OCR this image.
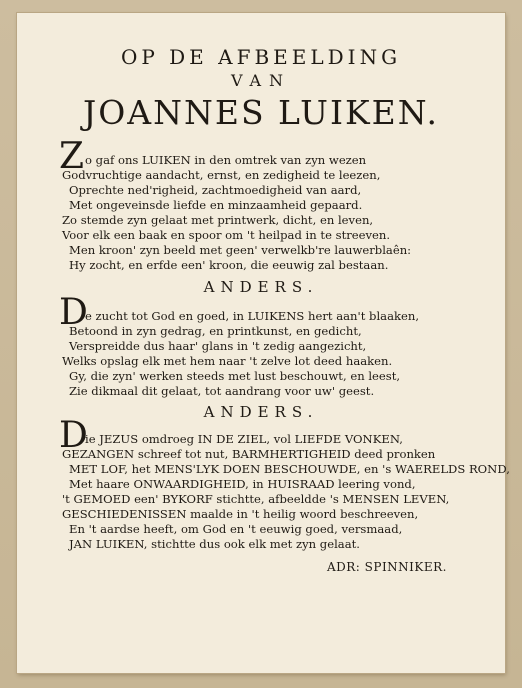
OP DE AFBEELDING
VAN
JOANNES LUIKEN.
Z o gaf ons LUIKEN in den omtrek van zyn wezen
Godvruchtige aandacht, ernst, en zedigheid te leezen,
Oprechte ned'righeid, zachtmoedigheid van aard,
Met ongeveinsde liefde en minzaamheid gepaard.
Zo stemde zyn gelaat met printwerk, dicht, en leven,
Voor elk een baak en spoor om 't heilpad in te streeven.
Men kroon' zyn beeld met geen' verwelkb're lauwerblaên:
Hy zocht, en erfde een' kroon, die eeuwig zal bestaan.
ANDERS.
D
e zucht tot God en goed, in LUIKENS hert aan't blaaken,
Betoond in zyn gedrag, en printkunst, en gedicht,
Verspreidde dus haar' glans in 't zedig aangezicht,
Welks opslag elk met hem naar 't zelve lot deed haaken.
Gy, die zyn' werken steeds met lust beschouwt, en leest,
Zie dikmaal dit gelaat, tot aandrang voor uw' geest.
ANDERS.
D
ie JEZUS omdroeg IN DE ZIEL, vol LIEFDE VONKEN,
GEZANGEN schreef tot nut, BARMHERTIGHEID deed pronken
MET LOF, het MENS'LYK DOEN BESCHOUWDE, en 's WAERELDS ROND,
Met haare ONWAARDIGHEID, in HUISRAAD leering vond,
't GEMOED een' BYKORF stichtte, afbeeldde 's MENSEN LEVEN,
GESCHIEDENISSEN maalde in 't heilig woord beschreeven,
En 't aardse heeft, om God en 't eeuwig goed, versmaad,
JAN LUIKEN, stichtte dus ook elk met zyn gelaat.
ADR: SPINNIKER.
